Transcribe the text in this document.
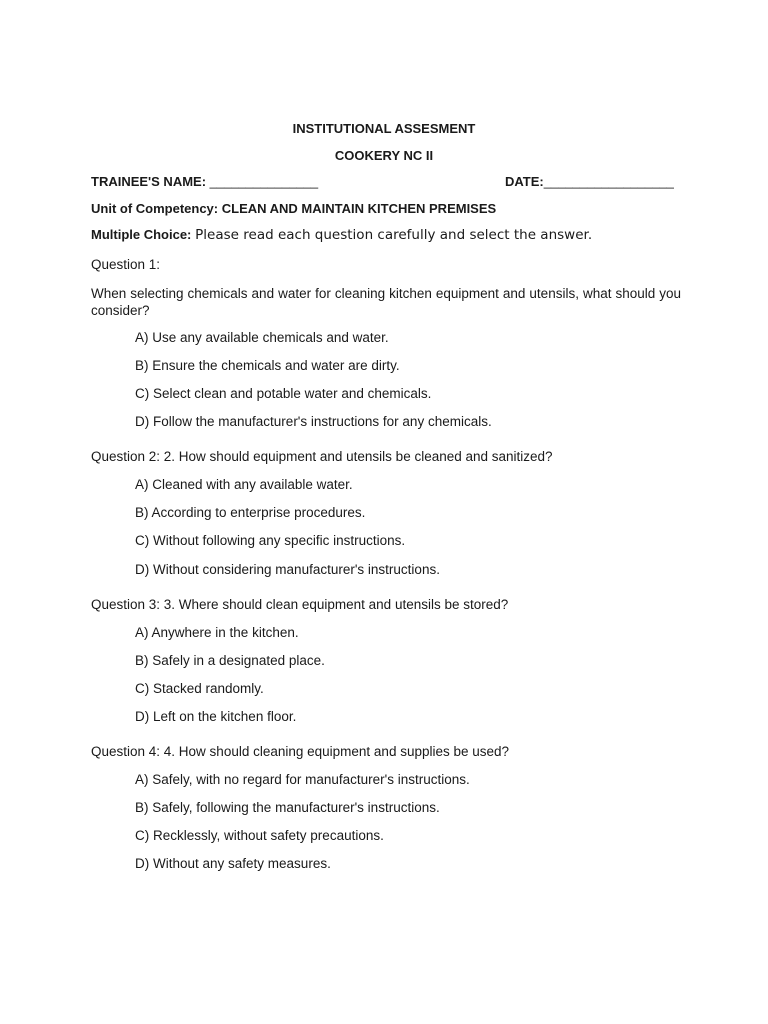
INSTITUTIONAL ASSESMENT
COOKERY NC II
TRAINEE'S NAME: _______________	DATE:__________________
Unit of Competency: CLEAN AND MAINTAIN KITCHEN PREMISES
Multiple Choice: Please read each question carefully and select the answer.
Question 1:
When selecting chemicals and water for cleaning kitchen equipment and utensils, what should you consider?
A) Use any available chemicals and water.
B) Ensure the chemicals and water are dirty.
C) Select clean and potable water and chemicals.
D) Follow the manufacturer's instructions for any chemicals.
Question 2: 2. How should equipment and utensils be cleaned and sanitized?
A) Cleaned with any available water.
B) According to enterprise procedures.
C) Without following any specific instructions.
D) Without considering manufacturer's instructions.
Question 3: 3. Where should clean equipment and utensils be stored?
A) Anywhere in the kitchen.
B) Safely in a designated place.
C) Stacked randomly.
D) Left on the kitchen floor.
Question 4: 4. How should cleaning equipment and supplies be used?
A) Safely, with no regard for manufacturer's instructions.
B) Safely, following the manufacturer's instructions.
C) Recklessly, without safety precautions.
D) Without any safety measures.
